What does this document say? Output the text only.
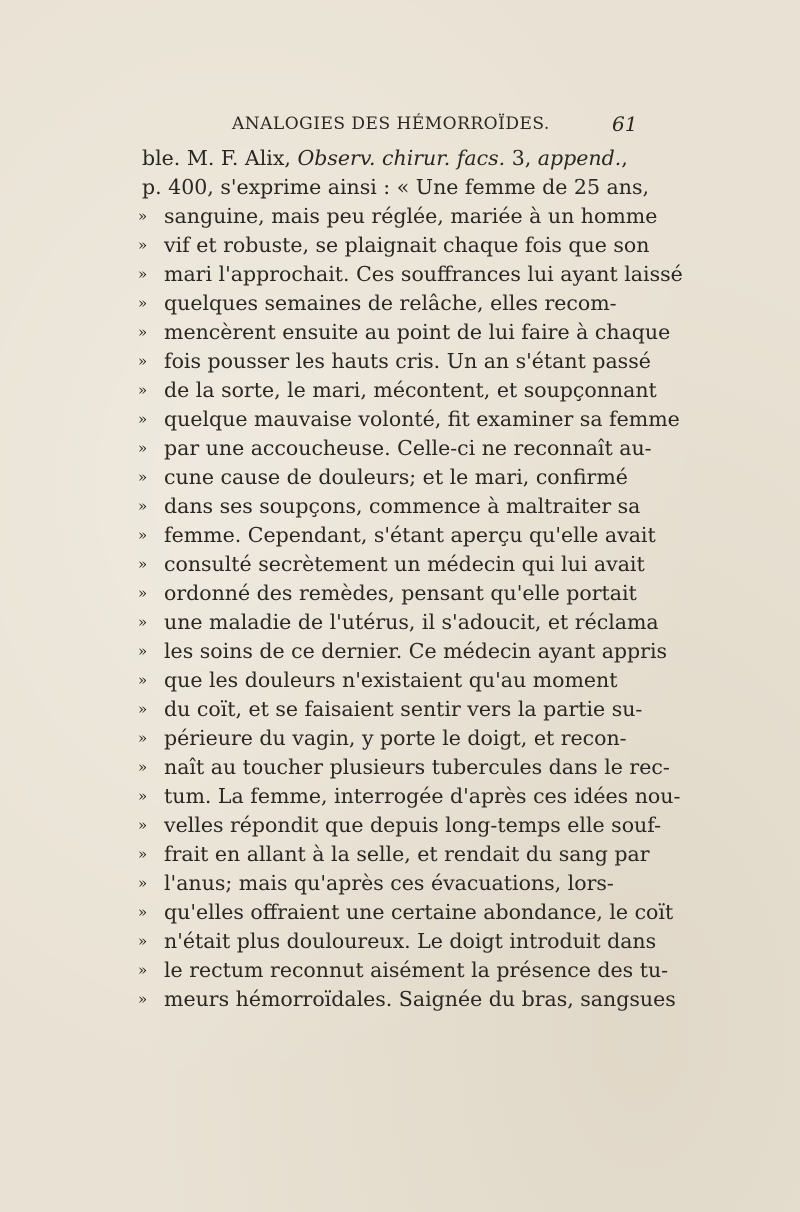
ANALOGIES DES HÉMORROÏDES.	61
ble. M. F. Alix, Observ. chirur. facs. 3, append.,
p. 400, s'exprime ainsi : « Une femme de 25 ans,
» sanguine, mais peu réglée, mariée à un homme
» vif et robuste, se plaignait chaque fois que son
» mari l'approchait. Ces souffrances lui ayant laissé
» quelques semaines de relâche, elles recom-
» mencèrent ensuite au point de lui faire à chaque
» fois pousser les hauts cris. Un an s'étant passé
» de la sorte, le mari, mécontent, et soupçonnant
» quelque mauvaise volonté, fit examiner sa femme
» par une accoucheuse. Celle-ci ne reconnaît au-
» cune cause de douleurs; et le mari, confirmé
» dans ses soupçons, commence à maltraiter sa
» femme. Cependant, s'étant aperçu qu'elle avait
» consulté secrètement un médecin qui lui avait
» ordonné des remèdes, pensant qu'elle portait
» une maladie de l'utérus, il s'adoucit, et réclama
» les soins de ce dernier. Ce médecin ayant appris
» que les douleurs n'existaient qu'au moment
» du coït, et se faisaient sentir vers la partie su-
» périeure du vagin, y porte le doigt, et recon-
» naît au toucher plusieurs tubercules dans le rec-
» tum. La femme, interrogée d'après ces idées nou-
» velles répondit que depuis long-temps elle souf-
» frait en allant à la selle, et rendait du sang par
» l'anus; mais qu'après ces évacuations, lors-
» qu'elles offraient une certaine abondance, le coït
» n'était plus douloureux. Le doigt introduit dans
» le rectum reconnut aisément la présence des tu-
» meurs hémorroïdales. Saignée du bras, sangsues
